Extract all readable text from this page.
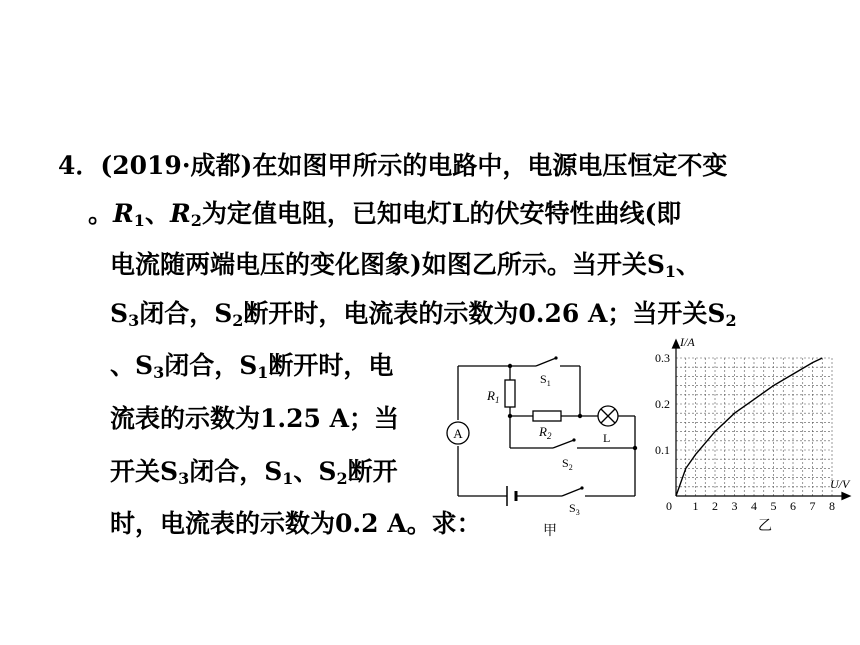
4．(2019·成都)在如图甲所示的电路中，电源电压恒定不变
。$R_1$、$R_2$为定值电阻，已知电灯L的伏安特性曲线(即
电流随两端电压的变化图象)如图乙所示。当开关$S_1$、
$S_3$闭合，$S_2$断开时，电流表的示数为0.26 A；当开关$S_2$
、$S_3$闭合，$S_1$断开时，电
流表的示数为1.25 A；当
开关$S_3$闭合，$S_1$、$S_2$断开
时，电流表的示数为0.2 A。求：
A
$R_1$
$R_2$	L
$S_1$
$S_2$
$S_3$
甲
1 2 3 4 5 6 7 8
0.1
0.2
0.3
0
I/A
U/V
乙
